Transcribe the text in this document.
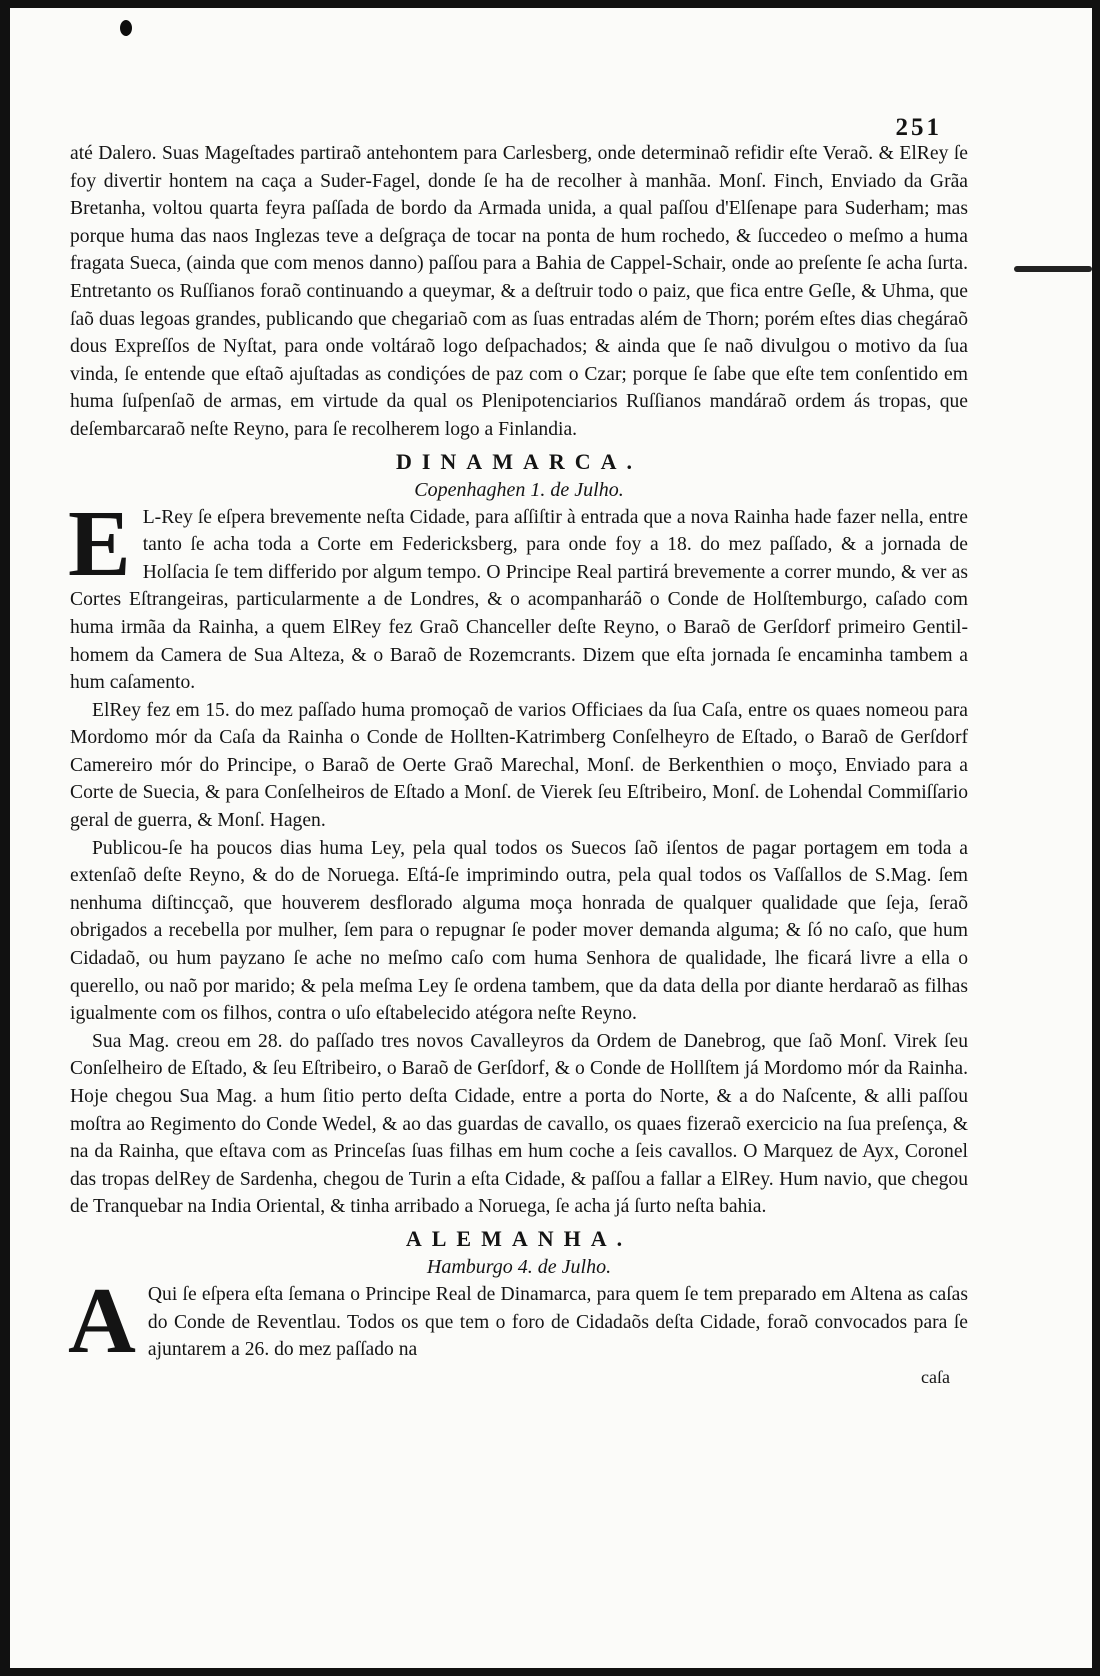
251

até Dalero. Suas Mageſtades partiraõ antehontem para Carlesberg, onde determinaõ refidir eſte Veraõ. & ElRey ſe foy divertir hontem na caça a Suder-Fagel, donde ſe ha de recolher à manhãa. Monſ. Finch, Enviado da Grãa Bretanha, voltou quarta feyra paſſada de bordo da Armada unida, a qual paſſou d'Elſenape para Suderham; mas porque huma das naos Inglezas teve a deſgraça de tocar na ponta de hum rochedo, & ſuccedeo o meſmo a huma fragata Sueca, (ainda que com menos danno) paſſou para a Bahia de Cappel-Schair, onde ao preſente ſe acha ſurta. Entretanto os Ruſſianos foraõ continuando a queymar, & a deſtruir todo o paiz, que fica entre Geſle, & Uhma, que ſaõ duas legoas grandes, publicando que chegariaõ com as ſuas entradas além de Thorn; porém eſtes dias chegáraõ dous Expreſſos de Nyſtat, para onde voltáraõ logo deſpachados; & ainda que ſe naõ divulgou o motivo da ſua vinda, ſe entende que eſtaõ ajuſtadas as condiçóes de paz com o Czar; porque ſe ſabe que eſte tem conſentido em huma ſuſpenſaõ de armas, em virtude da qual os Plenipotenciarios Ruſſianos mandáraõ ordem ás tropas, que deſembarcaraõ neſte Reyno, para ſe recolherem logo a Finlandia.

DINAMARCA.
Copenhaghen 1. de Julho.

E L-Rey ſe eſpera brevemente neſta Cidade, para aſſiſtir à entrada que a nova Rainha hade fazer nella, entre tanto ſe acha toda a Corte em Federicksberg, para onde foy a 18. do mez paſſado, & a jornada de Holſacia ſe tem differido por algum tempo. O Principe Real partirá brevemente a correr mundo, & ver as Cortes Eſtrangeiras, particularmente a de Londres, & o acompanharáõ o Conde de Holſtemburgo, caſado com huma irmãa da Rainha, a quem ElRey fez Graõ Chanceller deſte Reyno, o Baraõ de Gerſdorf primeiro Gentil-homem da Camera de Sua Alteza, & o Baraõ de Rozemcrants. Dizem que eſta jornada ſe encaminha tambem a hum caſamento.

ElRey fez em 15. do mez paſſado huma promoçaõ de varios Officiaes da ſua Caſa, entre os quaes nomeou para Mordomo mór da Caſa da Rainha o Conde de Hollten-Katrimberg Conſelheyro de Eſtado, o Baraõ de Gerſdorf Camereiro mór do Principe, o Baraõ de Oerte Graõ Marechal, Monſ. de Berkenthien o moço, Enviado para a Corte de Suecia, & para Conſelheiros de Eſtado a Monſ. de Vierek ſeu Eſtribeiro, Monſ. de Lohendal Commiſſario geral de guerra, & Monſ. Hagen.

Publicou-ſe ha poucos dias huma Ley, pela qual todos os Suecos ſaõ iſentos de pagar portagem em toda a extenſaõ deſte Reyno, & do de Noruega. Eſtá-ſe imprimindo outra, pela qual todos os Vaſſallos de S.Mag. ſem nenhuma diſtincçaõ, que houverem desflorado alguma moça honrada de qualquer qualidade que ſeja, ſeraõ obrigados a recebella por mulher, ſem para o repugnar ſe poder mover demanda alguma; & ſó no caſo, que hum Cidadaõ, ou hum payzano ſe ache no meſmo caſo com huma Senhora de qualidade, lhe ficará livre a ella o querello, ou naõ por marido; & pela meſma Ley ſe ordena tambem, que da data della por diante herdaraõ as filhas igualmente com os filhos, contra o uſo eſtabelecido atégora neſte Reyno.

Sua Mag. creou em 28. do paſſado tres novos Cavalleyros da Ordem de Danebrog, que ſaõ Monſ. Virek ſeu Conſelheiro de Eſtado, & ſeu Eſtribeiro, o Baraõ de Gerſdorf, & o Conde de Hollſtem já Mordomo mór da Rainha. Hoje chegou Sua Mag. a hum ſitio perto deſta Cidade, entre a porta do Norte, & a do Naſcente, & alli paſſou moſtra ao Regimento do Conde Wedel, & ao das guardas de cavallo, os quaes fizeraõ exercicio na ſua preſença, & na da Rainha, que eſtava com as Princeſas ſuas filhas em hum coche a ſeis cavallos. O Marquez de Ayx, Coronel das tropas delRey de Sardenha, chegou de Turin a eſta Cidade, & paſſou a fallar a ElRey. Hum navio, que chegou de Tranquebar na India Oriental, & tinha arribado a Noruega, ſe acha já ſurto neſta bahia.

ALEMANHA.
Hamburgo 4. de Julho.

A Qui ſe eſpera eſta ſemana o Principe Real de Dinamarca, para quem ſe tem preparado em Altena as caſas do Conde de Reventlau. Todos os que tem o foro de Cidadaõs deſta Cidade, foraõ convocados para ſe ajuntarem a 26. do mez paſſado na

caſa
